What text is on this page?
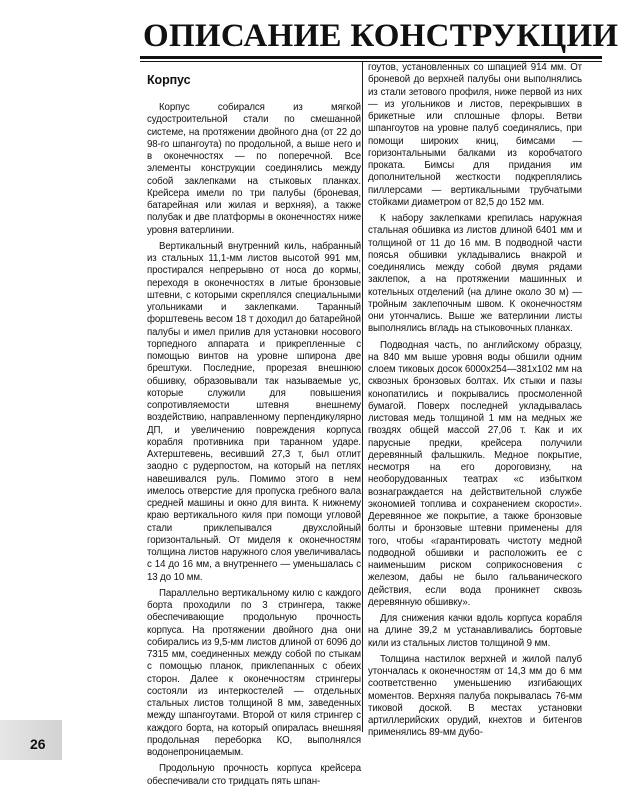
ОПИСАНИЕ КОНСТРУКЦИИ
Корпус

Корпус собирался из мягкой судостроительной стали по смешанной системе, на протяжении двойного дна (от 22 до 98-го шпангоута) по продольной, а выше него и в оконечностях — по поперечной. Все элементы конструкции соединялись между собой заклепками на стыковых планках. Крейсера имели по три палубы (броневая, батарейная или жилая и верхняя), а также полубак и две платформы в оконечностях ниже уровня ватерлинии.

Вертикальный внутренний киль, набранный из стальных 11,1-мм листов высотой 991 мм, простирался непрерывно от носа до кормы, переходя в оконечностях в литые бронзовые штевни, с которыми скреплялся специальными угольниками и заклепками. Таранный форштевень весом 18 т доходил до батарейной палубы и имел прилив для установки носового торпедного аппарата и прикрепленные с помощью винтов на уровне шпирона две брештуки. Последние, прорезая внешнюю обшивку, образовывали так называемые ус, которые служили для повышения сопротивляемости штевня внешнему воздействию, направленному перпендикулярно ДП, и увеличению повреждения корпуса корабля противника при таранном ударе. Ахтерштевень, весивший 27,3 т, был отлит заодно с рудерпостом, на который на петлях навешивался руль. Помимо этого в нем имелось отверстие для пропуска гребного вала средней машины и окно для винта. К нижнему краю вертикального киля при помощи угловой стали приклепывался двухслойный горизонтальный. От миделя к оконечностям толщина листов наружного слоя увеличивалась с 14 до 16 мм, а внутреннего — уменьшалась с 13 до 10 мм.

Параллельно вертикальному килю с каждого борта проходили по 3 стрингера, также обеспечивающие продольную прочность корпуса. На протяжении двойного дна они собирались из 9,5-мм листов длиной от 6096 до 7315 мм, соединенных между собой по стыкам с помощью планок, приклепанных с обеих сторон. Далее к оконечностям стрингеры состояли из интеркостелей — отдельных стальных листов толщиной 8 мм, заведенных между шпангоутами. Второй от киля стрингер с каждого борта, на который опиралась внешняя продольная переборка КО, выполнялся водонепроницаемым.

Продольную прочность корпуса крейсера обеспечивали сто тридцать пять шпан-

гоутов, установленных со шпацией 914 мм. От броневой до верхней палубы они выполнялись из стали зетового профиля, ниже первой из них — из угольников и листов, перекрывших в брикетные или сплошные флоры. Ветви шпангоутов на уровне палуб соединялись, при помощи широких книц, бимсами — горизонтальными балками из коробчатого проката. Бимсы для придания им дополнительной жесткости подкреплялись пиллерсами — вертикальными трубчатыми стойками диаметром от 82,5 до 152 мм.

К набору заклепками крепилась наружная стальная обшивка из листов длиной 6401 мм и толщиной от 11 до 16 мм. В подводной части пояcья обшивки укладывались внакрой и соединялись между собой двумя рядами заклепок, а на протяжении машинных и котельных отделений (на длине около 30 м) — тройным заклепочным швом. К оконечностям они утончались. Выше же ватерлинии листы выполнялись вгладь на стыковочных планках.

Подводная часть, по английскому образцу, на 840 мм выше уровня воды обшили одним слоем тиковых досок 6000х254—381х102 мм на сквозных бронзовых болтах. Их стыки и пазы конопатились и покрывались просмоленной бумагой. Поверх последней укладывалась листовая медь толщиной 1 мм на медных же гвоздях общей массой 27,06 т. Как и их парусные предки, крейсера получили деревянный фальшкиль. Медное покрытие, несмотря на его дороговизну, на необорудованных театрах «с избытком вознаграждается на действительной службе экономией топлива и сохранением скорости». Деревянное же покрытие, а также бронзовые болты и бронзовые штевни применены для того, чтобы «гарантировать чистоту медной подводной обшивки и расположить ее с наименьшим риском соприкосновения с железом, дабы не было гальванического действия, если вода проникнет сквозь деревянную обшивку».

Для снижения качки вдоль корпуса корабля на длине 39,2 м устанавливались бортовые кили из стальных листов толщиной 9 мм.

Толщина настилок верхней и жилой палуб утончалась к оконечностям от 14,3 мм до 6 мм соответственно уменьшению изгибающих моментов. Верхняя палуба покрывалась 76-мм тиковой доской. В местах установки артиллерийских орудий, кнехтов и битенгов применялись 89-мм дубо-

26
